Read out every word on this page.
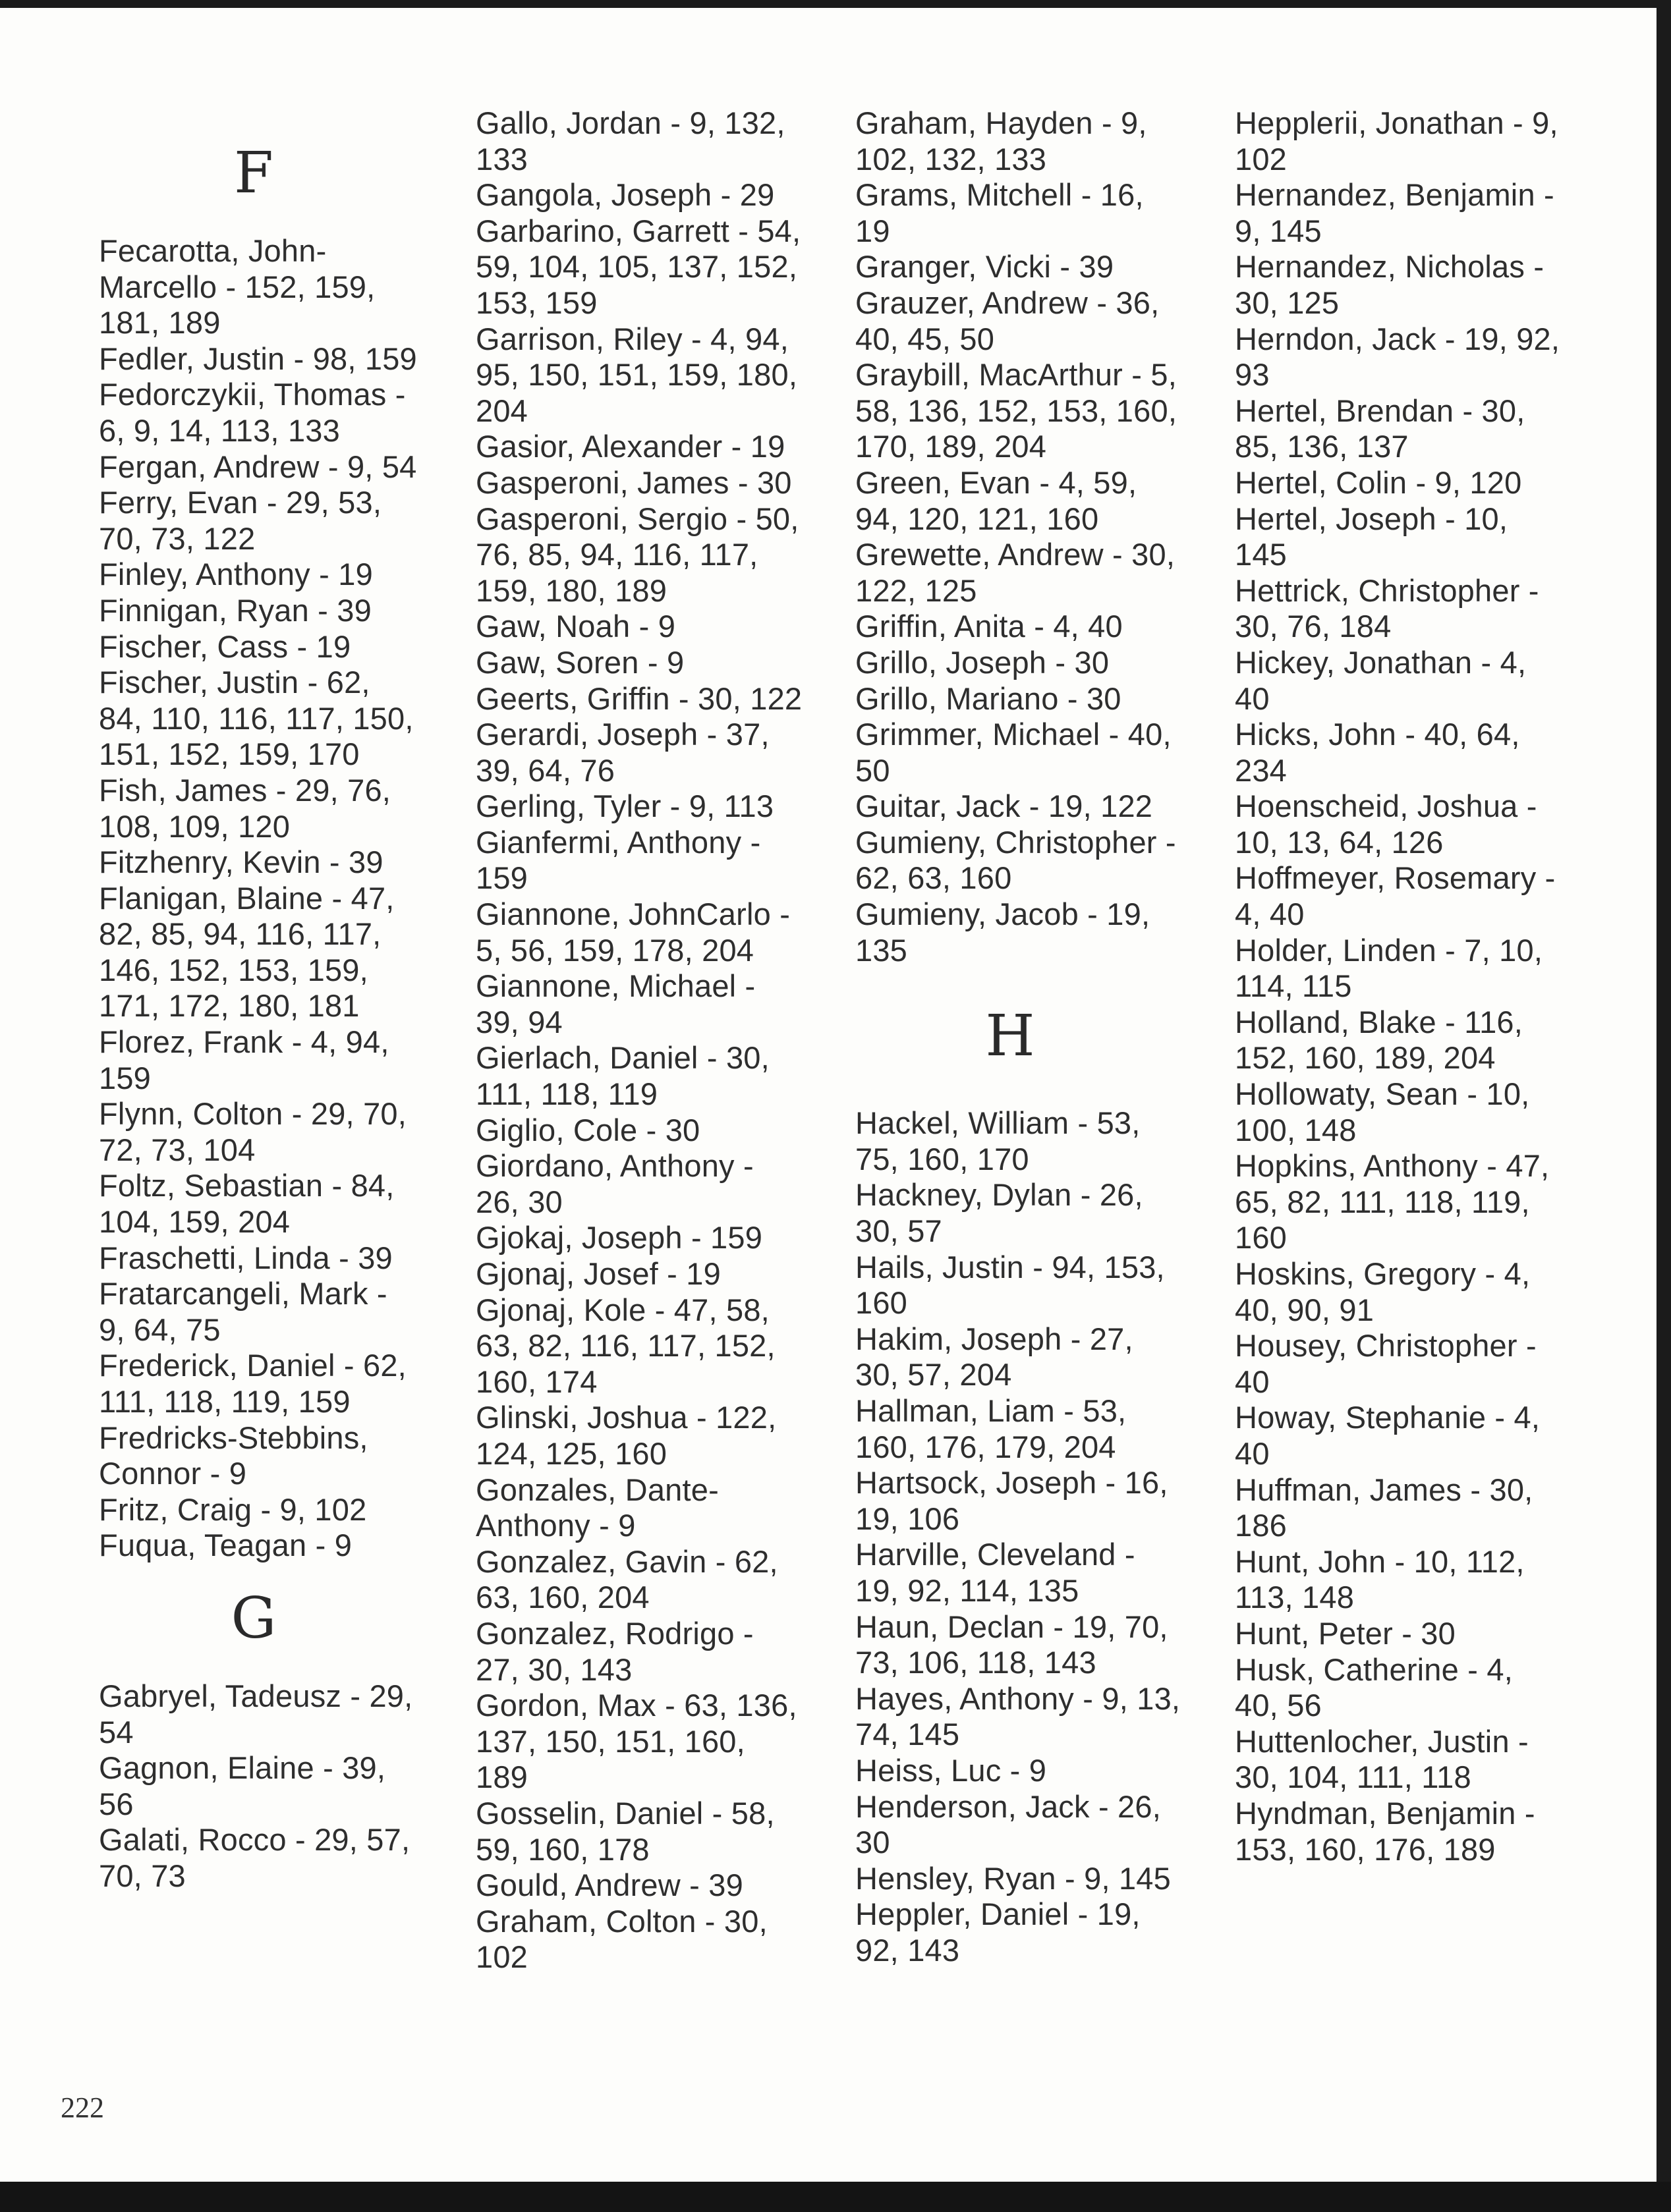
F

Fecarotta, John-Marcello - 152, 159, 181, 189

Fedler, Justin - 98, 159

Fedorczykii, Thomas - 6, 9, 14, 113, 133

Fergan, Andrew - 9, 54

Ferry, Evan - 29, 53, 70, 73, 122

Finley, Anthony - 19

Finnigan, Ryan - 39

Fischer, Cass - 19

Fischer, Justin - 62, 84, 110, 116, 117, 150, 151, 152, 159, 170

Fish, James - 29, 76, 108, 109, 120

Fitzhenry, Kevin - 39

Flanigan, Blaine - 47, 82, 85, 94, 116, 117, 146, 152, 153, 159, 171, 172, 180, 181

Florez, Frank - 4, 94, 159

Flynn, Colton - 29, 70, 72, 73, 104

Foltz, Sebastian - 84, 104, 159, 204

Fraschetti, Linda - 39

Fratarcangeli, Mark - 9, 64, 75

Frederick, Daniel - 62, 111, 118, 119, 159

Fredricks-Stebbins, Connor - 9

Fritz, Craig - 9, 102

Fuqua, Teagan - 9

G

Gabryel, Tadeusz - 29, 54

Gagnon, Elaine - 39, 56

Galati, Rocco - 29, 57, 70, 73

Gallo, Jordan - 9, 132, 133

Gangola, Joseph - 29

Garbarino, Garrett - 54, 59, 104, 105, 137, 152, 153, 159

Garrison, Riley - 4, 94, 95, 150, 151, 159, 180, 204

Gasior, Alexander - 19

Gasperoni, James - 30

Gasperoni, Sergio - 50, 76, 85, 94, 116, 117, 159, 180, 189

Gaw, Noah - 9

Gaw, Soren - 9

Geerts, Griffin - 30, 122

Gerardi, Joseph - 37, 39, 64, 76

Gerling, Tyler - 9, 113

Gianfermi, Anthony - 159

Giannone, JohnCarlo - 5, 56, 159, 178, 204

Giannone, Michael - 39, 94

Gierlach, Daniel - 30, 111, 118, 119

Giglio, Cole - 30

Giordano, Anthony - 26, 30

Gjokaj, Joseph - 159

Gjonaj, Josef - 19

Gjonaj, Kole - 47, 58, 63, 82, 116, 117, 152, 160, 174

Glinski, Joshua - 122, 124, 125, 160

Gonzales, Dante-Anthony - 9

Gonzalez, Gavin - 62, 63, 160, 204

Gonzalez, Rodrigo - 27, 30, 143

Gordon, Max - 63, 136, 137, 150, 151, 160, 189

Gosselin, Daniel - 58, 59, 160, 178

Gould, Andrew - 39

Graham, Colton - 30, 102

Graham, Hayden - 9, 102, 132, 133

Grams, Mitchell - 16, 19

Granger, Vicki - 39

Grauzer, Andrew - 36, 40, 45, 50

Graybill, MacArthur - 5, 58, 136, 152, 153, 160, 170, 189, 204

Green, Evan - 4, 59, 94, 120, 121, 160

Grewette, Andrew - 30, 122, 125

Griffin, Anita - 4, 40

Grillo, Joseph - 30

Grillo, Mariano - 30

Grimmer, Michael - 40, 50

Guitar, Jack - 19, 122

Gumieny, Christopher - 62, 63, 160

Gumieny, Jacob - 19, 135

H

Hackel, William - 53, 75, 160, 170

Hackney, Dylan - 26, 30, 57

Hails, Justin - 94, 153, 160

Hakim, Joseph - 27, 30, 57, 204

Hallman, Liam - 53, 160, 176, 179, 204

Hartsock, Joseph - 16, 19, 106

Harville, Cleveland - 19, 92, 114, 135

Haun, Declan - 19, 70, 73, 106, 118, 143

Hayes, Anthony - 9, 13, 74, 145

Heiss, Luc - 9

Henderson, Jack - 26, 30

Hensley, Ryan - 9, 145

Heppler, Daniel - 19, 92, 143

Hepplerii, Jonathan - 9, 102

Hernandez, Benjamin - 9, 145

Hernandez, Nicholas - 30, 125

Herndon, Jack - 19, 92, 93

Hertel, Brendan - 30, 85, 136, 137

Hertel, Colin - 9, 120

Hertel, Joseph - 10, 145

Hettrick, Christopher - 30, 76, 184

Hickey, Jonathan - 4, 40

Hicks, John - 40, 64, 234

Hoenscheid, Joshua - 10, 13, 64, 126

Hoffmeyer, Rosemary - 4, 40

Holder, Linden - 7, 10, 114, 115

Holland, Blake - 116, 152, 160, 189, 204

Hollowaty, Sean - 10, 100, 148

Hopkins, Anthony - 47, 65, 82, 111, 118, 119, 160

Hoskins, Gregory - 4, 40, 90, 91

Housey, Christopher - 40

Howay, Stephanie - 4, 40

Huffman, James - 30, 186

Hunt, John - 10, 112, 113, 148

Hunt, Peter - 30

Husk, Catherine - 4, 40, 56

Huttenlocher, Justin - 30, 104, 111, 118

Hyndman, Benjamin - 153, 160, 176, 189

222
